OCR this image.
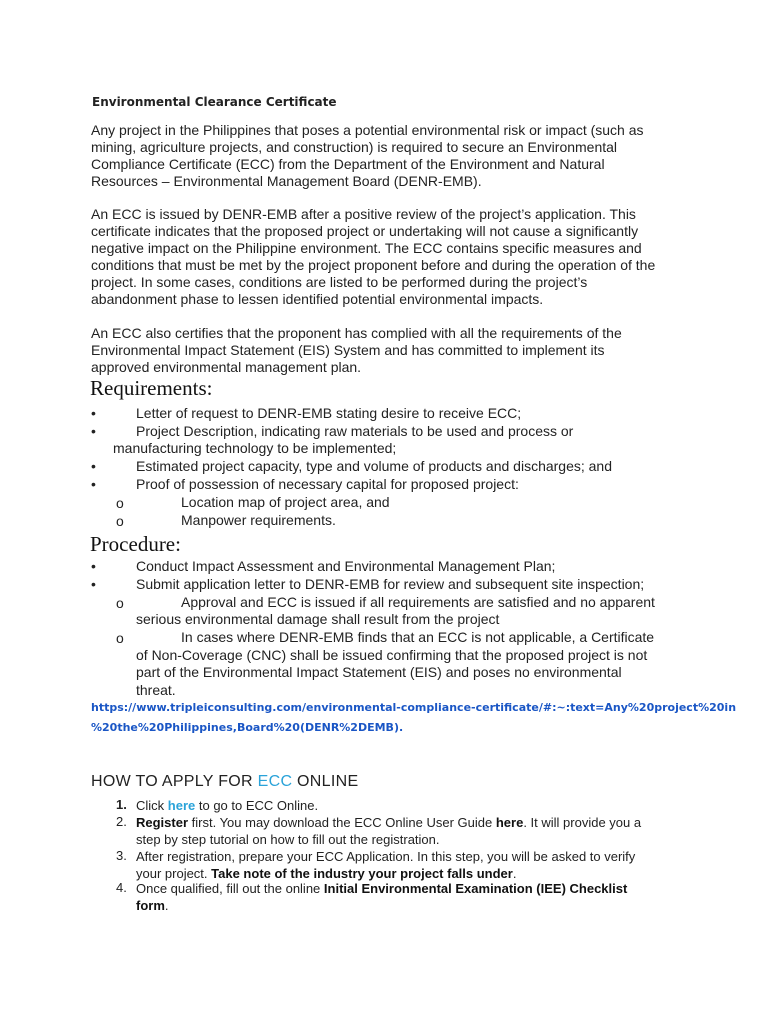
Environmental Clearance Certificate
Any project in the Philippines that poses a potential environmental risk or impact (such as
mining, agriculture projects, and construction) is required to secure an Environmental
Compliance Certificate (ECC) from the Department of the Environment and Natural
Resources – Environmental Management Board (DENR-EMB).
An ECC is issued by DENR-EMB after a positive review of the project’s application. This
certificate indicates that the proposed project or undertaking will not cause a significantly
negative impact on the Philippine environment. The ECC contains specific measures and
conditions that must be met by the project proponent before and during the operation of the
project. In some cases, conditions are listed to be performed during the project’s
abandonment phase to lessen identified potential environmental impacts.
An ECC also certifies that the proponent has complied with all the requirements of the
Environmental Impact Statement (EIS) System and has committed to implement its
approved environmental management plan.
Requirements:
•	Letter of request to DENR-EMB stating desire to receive ECC;
•	Project Description, indicating raw materials to be used and process or
manufacturing technology to be implemented;
•	Estimated project capacity, type and volume of products and discharges; and
•	Proof of possession of necessary capital for proposed project:
o	Location map of project area, and
o	Manpower requirements.
Procedure:
•	Conduct Impact Assessment and Environmental Management Plan;
•	Submit application letter to DENR-EMB for review and subsequent site inspection;
o	Approval and ECC is issued if all requirements are satisfied and no apparent
serious environmental damage shall result from the project
o	In cases where DENR-EMB finds that an ECC is not applicable, a Certificate
of Non-Coverage (CNC) shall be issued confirming that the proposed project is not
part of the Environmental Impact Statement (EIS) and poses no environmental
threat.
https://www.tripleiconsulting.com/environmental-compliance-certificate/#:~:text=Any%20project%20in
%20the%20Philippines,Board%20(DENR%2DEMB).
HOW TO APPLY FOR ECC ONLINE
1. Click here to go to ECC Online.
2. Register first. You may download the ECC Online User Guide here. It will provide you a
step by step tutorial on how to fill out the registration.
3. After registration, prepare your ECC Application. In this step, you will be asked to verify
your project. Take note of the industry your project falls under.
4. Once qualified, fill out the online Initial Environmental Examination (IEE) Checklist
form.
